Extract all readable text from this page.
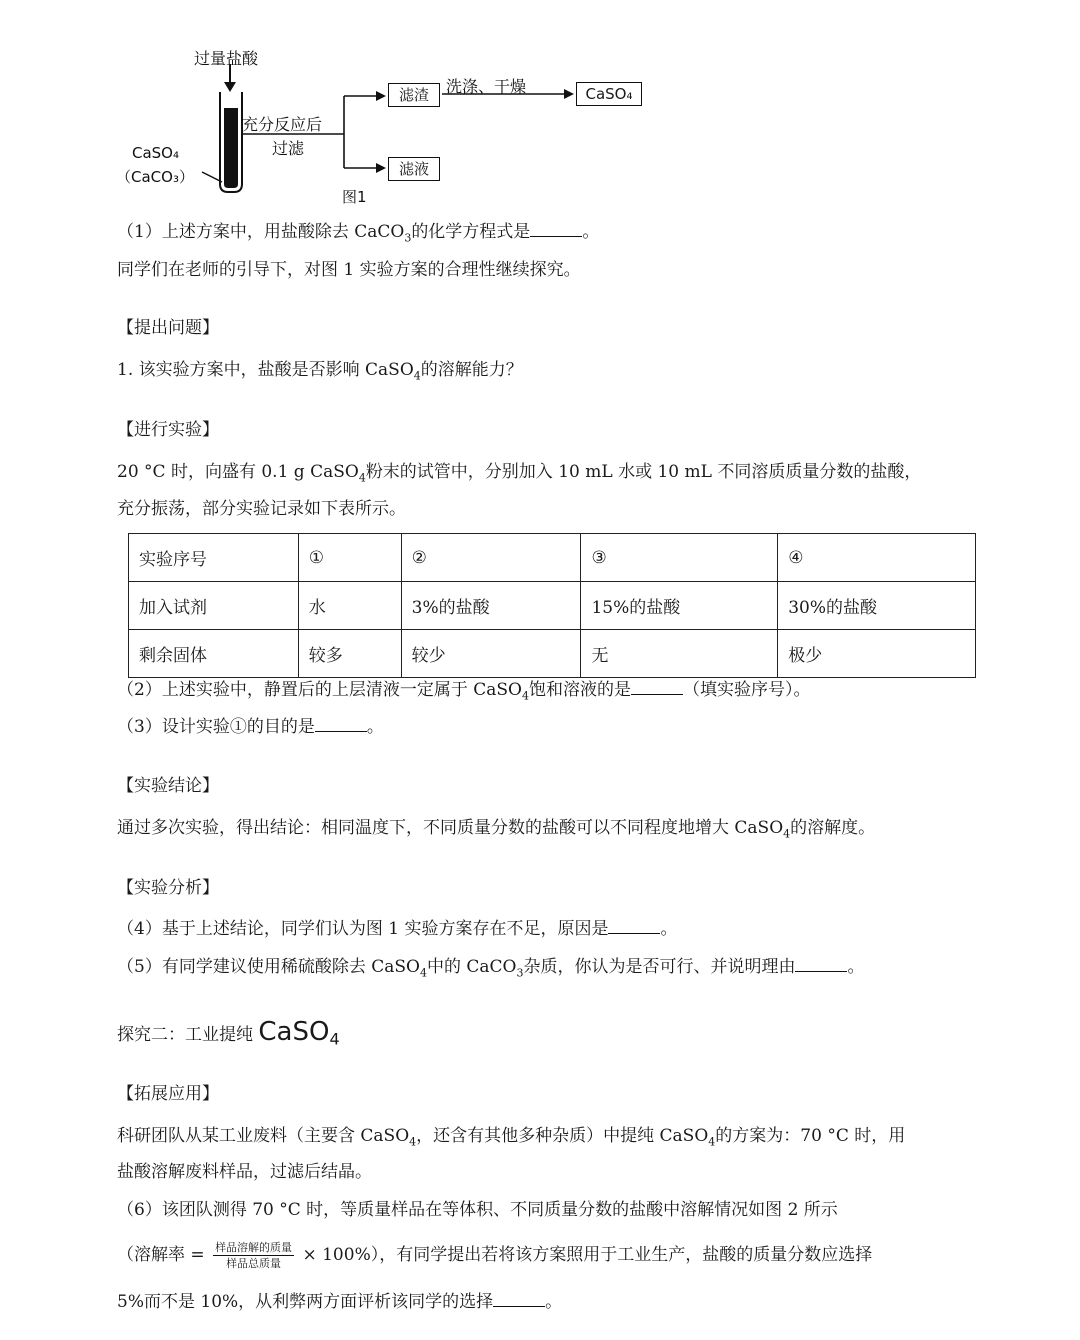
过量盐酸
CaSO₄
（CaCO₃）
充分反应后
过滤
滤渣	洗涤、干燥	CaSO₄
滤液
图1
（1）上述方案中，用盐酸除去 CaCO$_3$的化学方程式是	。
同学们在老师的引导下，对图 1 实验方案的合理性继续探究。
【提出问题】
1. 该实验方案中，盐酸是否影响 CaSO$_4$的溶解能力？
【进行实验】
20 °C 时，向盛有 0.1 g CaSO$_4$粉末的试管中，分别加入 10 mL 水或 10 mL 不同溶质质量分数的盐酸，
充分振荡，部分实验记录如下表所示。
实验序号	①	②	③	④
加入试剂	水	3%的盐酸	15%的盐酸	30%的盐酸
剩余固体	较多	较少	无	极少
（2）上述实验中，静置后的上层清液一定属于 CaSO$_4$饱和溶液的是	（填实验序号）。
（3）设计实验①的目的是	。
【实验结论】
通过多次实验，得出结论：相同温度下，不同质量分数的盐酸可以不同程度地增大 CaSO$_4$的溶解度。
【实验分析】
（4）基于上述结论，同学们认为图 1 实验方案存在不足，原因是	。
（5）有同学建议使用稀硫酸除去 CaSO$_4$中的 CaCO$_3$杂质，你认为是否可行、并说明理由	。
探究二：工业提纯 CaSO$_4$
【拓展应用】
科研团队从某工业废料（主要含 CaSO$_4$，还含有其他多种杂质）中提纯 CaSO$_4$的方案为：70 °C 时，用
盐酸溶解废料样品，过滤后结晶。
（6）该团队测得 70 °C 时，等质量样品在等体积、不同质量分数的盐酸中溶解情况如图 2 所示
（溶解率 = $\frac{\text{样品溶解的质量}}{\text{样品总质量}} \times 100\%$），有同学提出若将该方案照用于工业生产，盐酸的质量分数应选择
5%而不是 10%，从利弊两方面评析该同学的选择	。
